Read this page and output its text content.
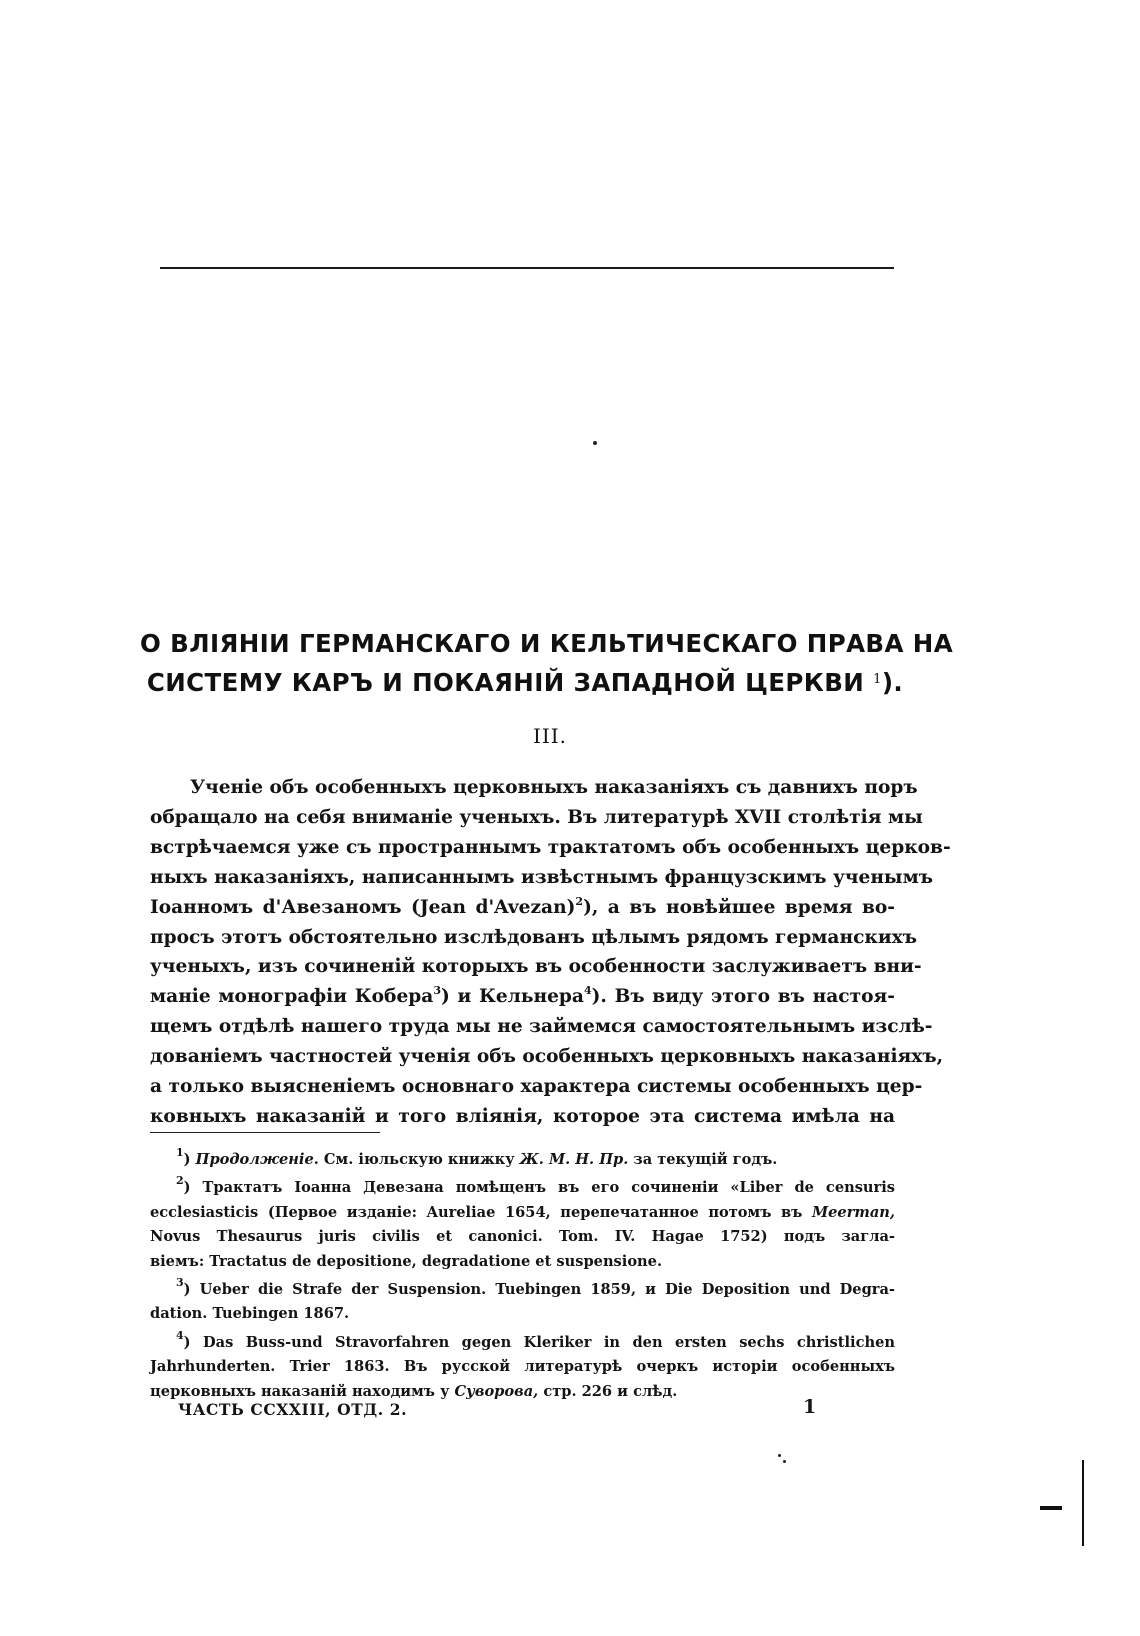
О ВЛІЯНІИ ГЕРМАНСКАГО И КЕЛЬТИЧЕСКАГО ПРАВА НА
СИСТЕМУ КАРЪ И ПОКАЯНІЙ ЗАПАДНОЙ ЦЕРКВИ $^1$).
III.
Ученіе объ особенныхъ церковныхъ наказаніяхъ съ давнихъ поръ
обращало на себя вниманіе ученыхъ. Въ литературѣ XVII столѣтія мы
встрѣчаемся уже съ пространнымъ трактатомъ объ особенныхъ церков-
ныхъ наказаніяхъ, написаннымъ извѣстнымъ французскимъ ученымъ
Іоанномъ d'Авезаномъ (Jean d'Avezan)$^2$), а въ новѣйшее время во-
просъ этотъ обстоятельно изслѣдованъ цѣлымъ рядомъ германскихъ
ученыхъ, изъ сочиненій которыхъ въ особенности заслуживаетъ вни-
маніе монографіи Кобера$^3$) и Кельнера$^4$). Въ виду этого въ настоя-
щемъ отдѣлѣ нашего труда мы не займемся самостоятельнымъ изслѣ-
дованіемъ частностей ученія объ особенныхъ церковныхъ наказаніяхъ,
а только выясненіемъ основнаго характера системы особенныхъ цер-
ковныхъ наказаній и того вліянія, которое эта система имѣла на
$^1$) Продолженіе. См. іюльскую книжку Ж. М. Н. Пр. за текущій годъ.
$^2$) Трактатъ Іоанна Девезана помѣщенъ въ его сочиненіи «Liber de censuris
ecclesiasticis (Первое изданіе: Aureliae 1654, перепечатанное потомъ въ Meerman,
Novus Thesaurus juris civilis et canonici. Tom. IV. Hagae 1752) подъ загла-
віемъ: Tractatus de depositione, degradatione et suspensione.
$^3$) Ueber die Strafe der Suspension. Tuebingen 1859, и Die Deposition und Degra-
dation. Tuebingen 1867.
$^4$) Das Buss-und Stravorfahren gegen Kleriker in den ersten sechs christlichen
Jahrhunderten. Trier 1863. Въ русской литературѣ очеркъ исторіи особенныхъ
церковныхъ наказаній находимъ у Суворова, стр. 226 и слѣд.
ЧАСТЬ CCXXIII, ОТД. 2.	1
